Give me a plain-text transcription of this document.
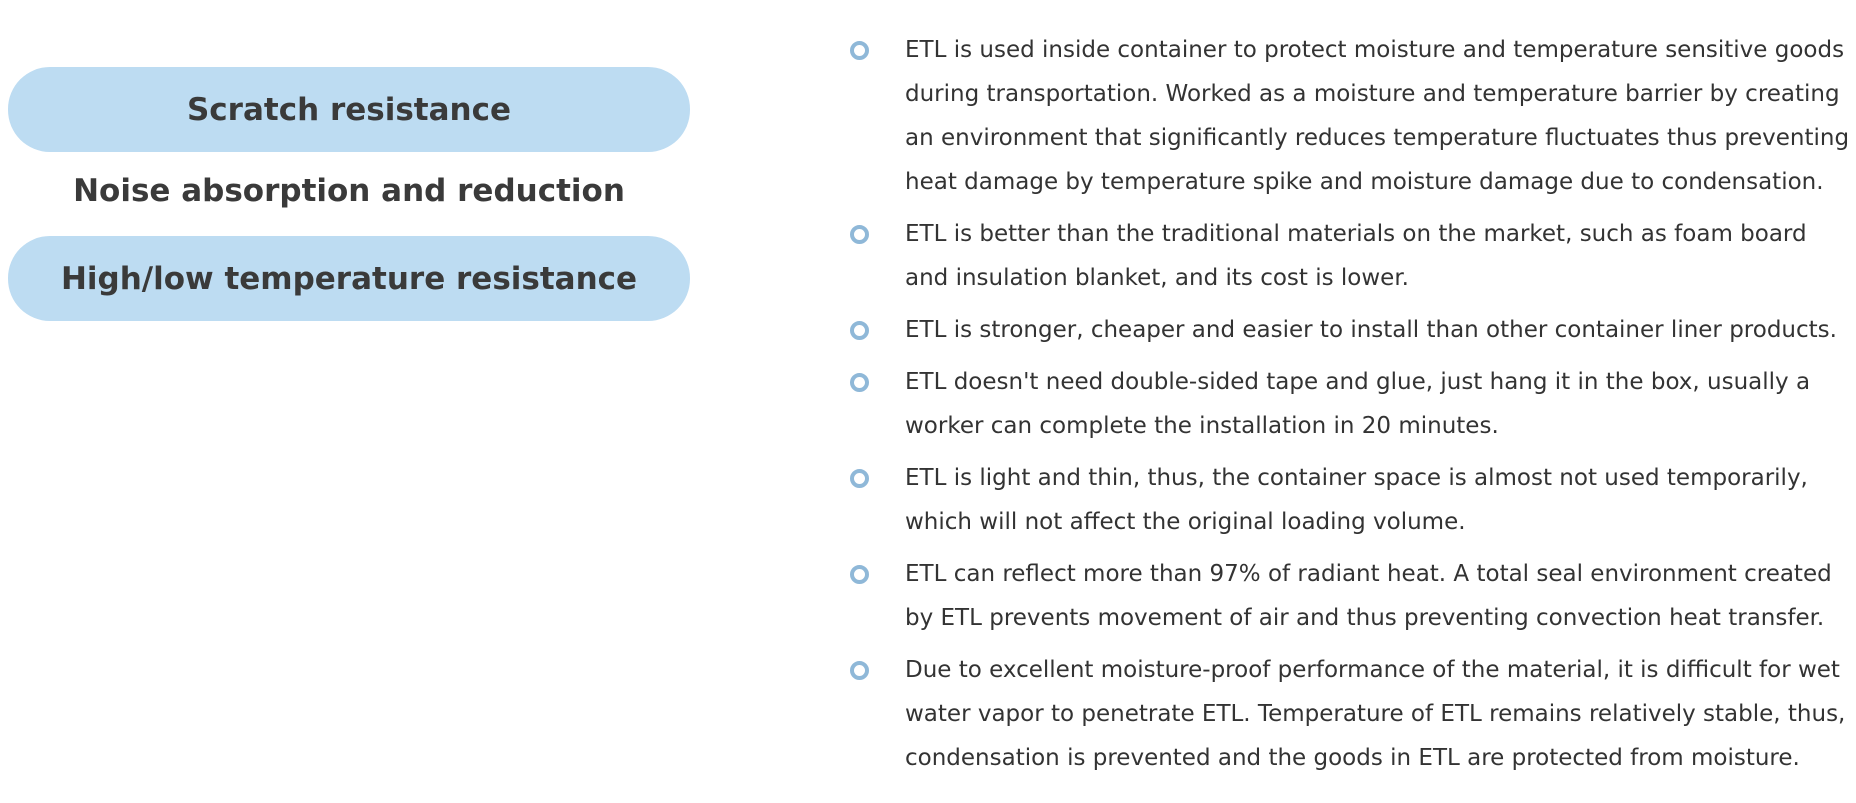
Scratch resistance
Noise absorption and reduction
High/low temperature resistance
ETL is used inside container to protect moisture and temperature sensitive goods during transportation. Worked as a moisture and temperature barrier by creating an environment that significantly reduces temperature fluctuates thus preventing heat damage by temperature spike and moisture damage due to condensation.
ETL is better than the traditional materials on the market, such as foam board and insulation blanket, and its cost is lower.
ETL is stronger, cheaper and easier to install than other container liner products.
ETL doesn't need double-sided tape and glue, just hang it in the box, usually a worker can complete the installation in 20 minutes.
ETL is light and thin, thus, the container space is almost not used temporarily, which will not affect the original loading volume.
ETL can reflect more than 97% of radiant heat. A total seal environment created by ETL prevents movement of air and thus preventing convection heat transfer.
Due to excellent moisture-proof performance of the material, it is difficult for wet water vapor to penetrate ETL. Temperature of ETL remains relatively stable, thus, condensation is prevented and the goods in ETL are protected from moisture.
